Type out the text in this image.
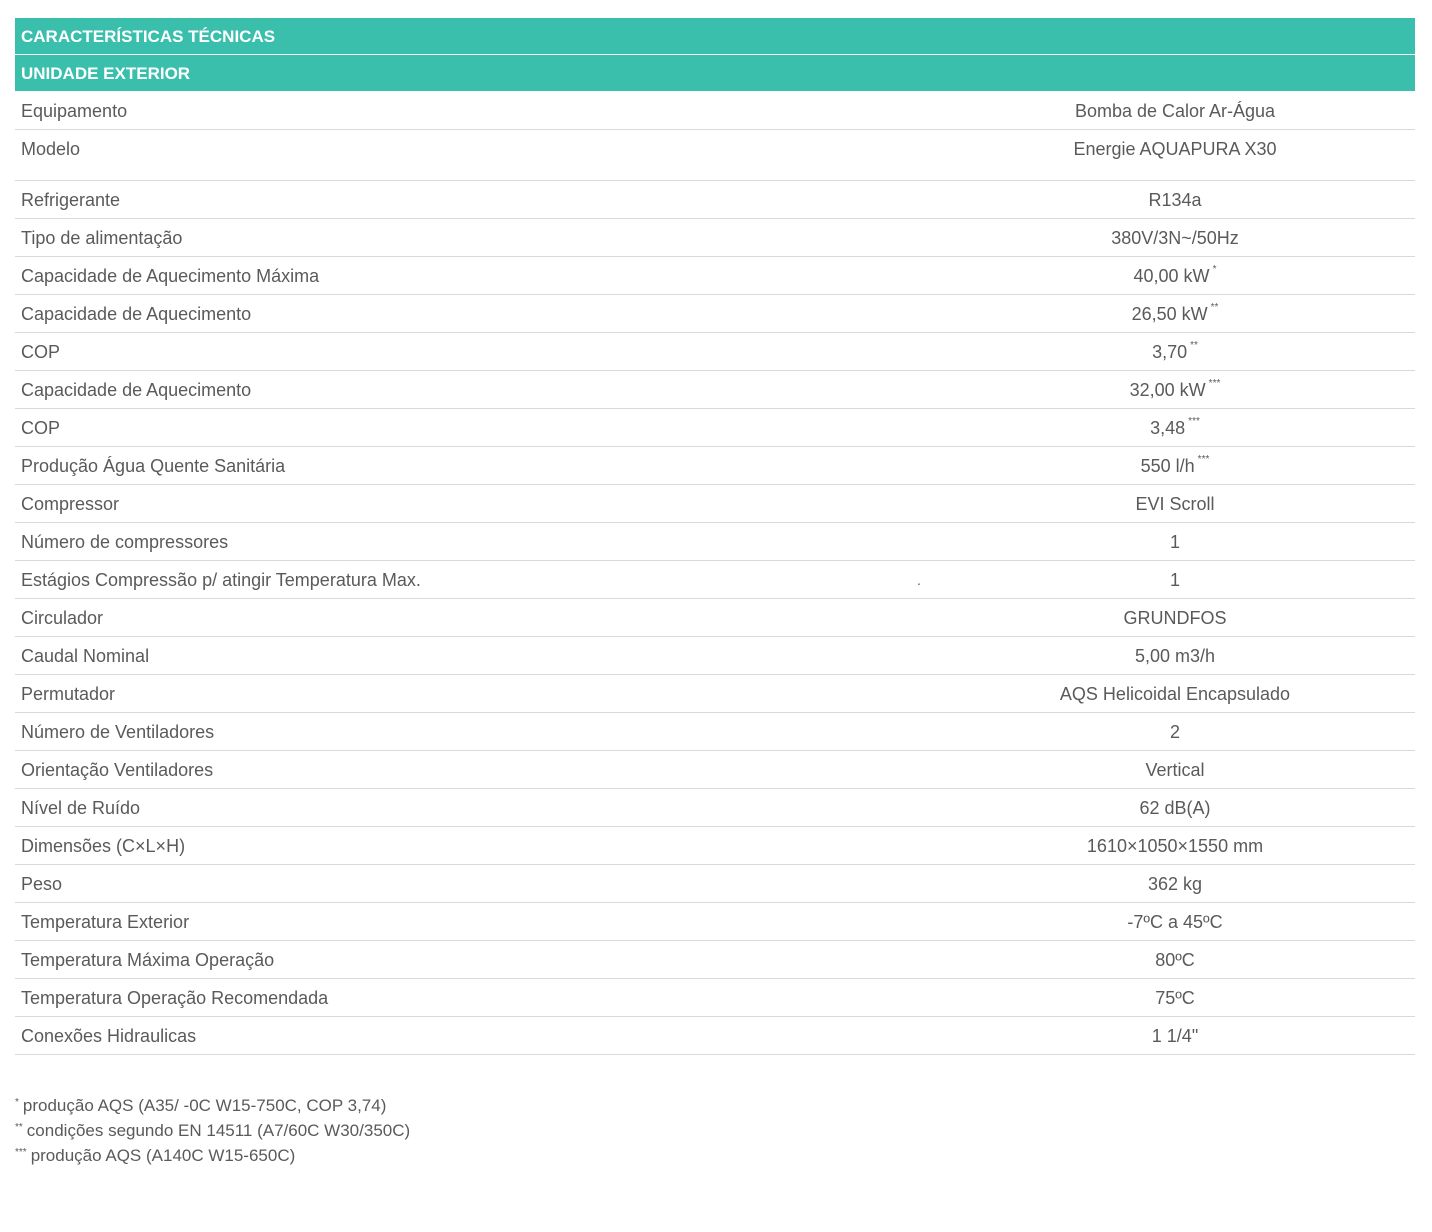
CARACTERÍSTICAS TÉCNICAS
UNIDADE EXTERIOR
Equipamento	Bomba de Calor Ar-Água
Modelo	Energie AQUAPURA X30
Refrigerante	R134a
Tipo de alimentação	380V/3N~/50Hz
Capacidade de Aquecimento Máxima	40,00 kW *
Capacidade de Aquecimento	26,50 kW **
COP	3,70 **
Capacidade de Aquecimento	32,00 kW ***
COP	3,48 ***
Produção Água Quente Sanitária	550 l/h ***
Compressor	EVI Scroll
Número de compressores	1
Estágios Compressão p/ atingir Temperatura Max.	.	1
Circulador	GRUNDFOS
Caudal Nominal	5,00 m3/h
Permutador	AQS Helicoidal Encapsulado
Número de Ventiladores	2
Orientação Ventiladores	Vertical
Nível de Ruído	62 dB(A)
Dimensões (C×L×H)	1610×1050×1550 mm
Peso	362 kg
Temperatura Exterior	-7ºC a 45ºC
Temperatura Máxima Operação	80ºC
Temperatura Operação Recomendada	75ºC
Conexões Hidraulicas	1 1/4"
* produção AQS (A35/ -0C W15-750C, COP 3,74)
** condições segundo EN 14511 (A7/60C W30/350C)
*** produção AQS (A140C W15-650C)
